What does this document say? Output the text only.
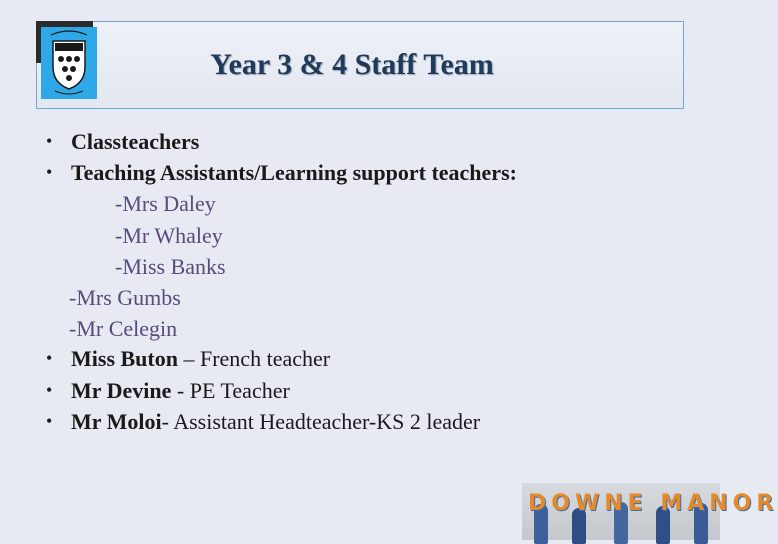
Year 3 & 4 Staff Team
• Classteachers
• Teaching Assistants/Learning support teachers:
-Mrs Daley
-Mr Whaley
-Miss Banks
-Mrs Gumbs
-Mr Celegin
• Miss Buton – French teacher
• Mr Devine - PE Teacher
• Mr Moloi- Assistant Headteacher-KS 2 leader
DOWNE MANOR
